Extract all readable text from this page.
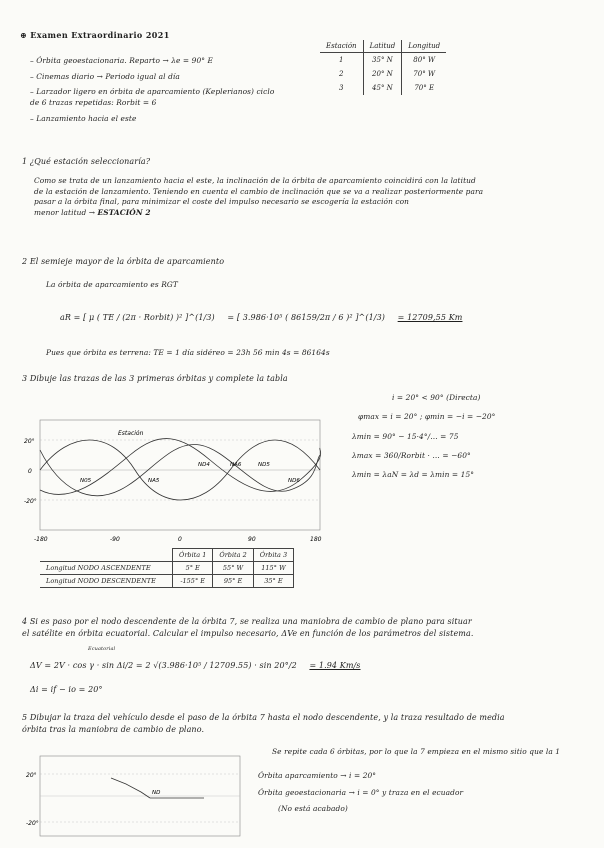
⊕ Examen Extraordinario 2021
– Órbita geoestacionaria. Reparto → λe = 90° E
– Cinemas diario → Periodo igual al día
– Larzador ligero en órbita de aparcamiento (Keplerianos) ciclo de 6 trazas repetidas: Rorbit = 6
– Lanzamiento hacia el este
Estación	Latitud	Longitud
1	35° N	80° W
2	20° N	70° W
3	45° N	70° E
1 ¿Qué estación seleccionaría?
Como se trata de un lanzamiento hacia el este, la inclinación de la órbita de aparcamiento coincidirá con la latitud
de la estación de lanzamiento. Teniendo en cuenta el cambio de inclinación que se va a realizar posteriormente para
pasar a la órbita final, para minimizar el coste del impulso necesario se escogería la estación con
menor latitud → ESTACIÓN 2
2 El semieje mayor de la órbita de aparcamiento
La órbita de aparcamiento es RGT
aR = [ μ ( TE / (2π · Rorbit) )² ]^(1/3) = [ 3.986·10⁵ ( 86159/2π / 6 )² ]^(1/3) = 12709,55 Km
Pues que órbita es terrena: TE = 1 día sidéreo = 23h 56 min 4s = 86164s
3 Dibuje las trazas de las 3 primeras órbitas y complete la tabla
i = 20° < 90° (Directa)
φmax = i = 20° ; φmin = −i = −20°
λmin = 90° − 15·4°/… = 75
λmax = 360/Rorbit · … = −60°
λmin = λaN = λd = λmin = 15°
Estación
20°
0
-20°
-180	-90	0	90	180
N05	NA5
ND4	NA6	ND5
ND6
	Órbita 1	Órbita 2	Órbita 3
Longitud NODO ASCENDENTE	5° E	55° W	115° W
Longitud NODO DESCENDENTE	-155° E	95° E	35° E
4 Si es paso por el nodo descendente de la órbita 7, se realiza una maniobra de cambio de plano para situar
el satélite en órbita ecuatorial. Calcular el impulso necesario, ΔVe en función de los parámetros del sistema.
Ecuatorial
ΔV = 2V · cos γ · sin Δi/2 = 2 √(3.986·10⁵ / 12709.55) · sin 20°/2 = 1.94 Km/s
Δi = if − io = 20°
5 Dibujar la traza del vehículo desde el paso de la órbita 7 hasta el nodo descendente, y la traza resultado de media
órbita tras la maniobra de cambio de plano.
20°
-20°
ND
Se repite cada 6 órbitas, por lo que la 7 empieza en el mismo sitio que la 1
Órbita aparcamiento → i = 20°
Órbita geoestacionaria → i = 0° y traza en el ecuador
(No está acabado)
